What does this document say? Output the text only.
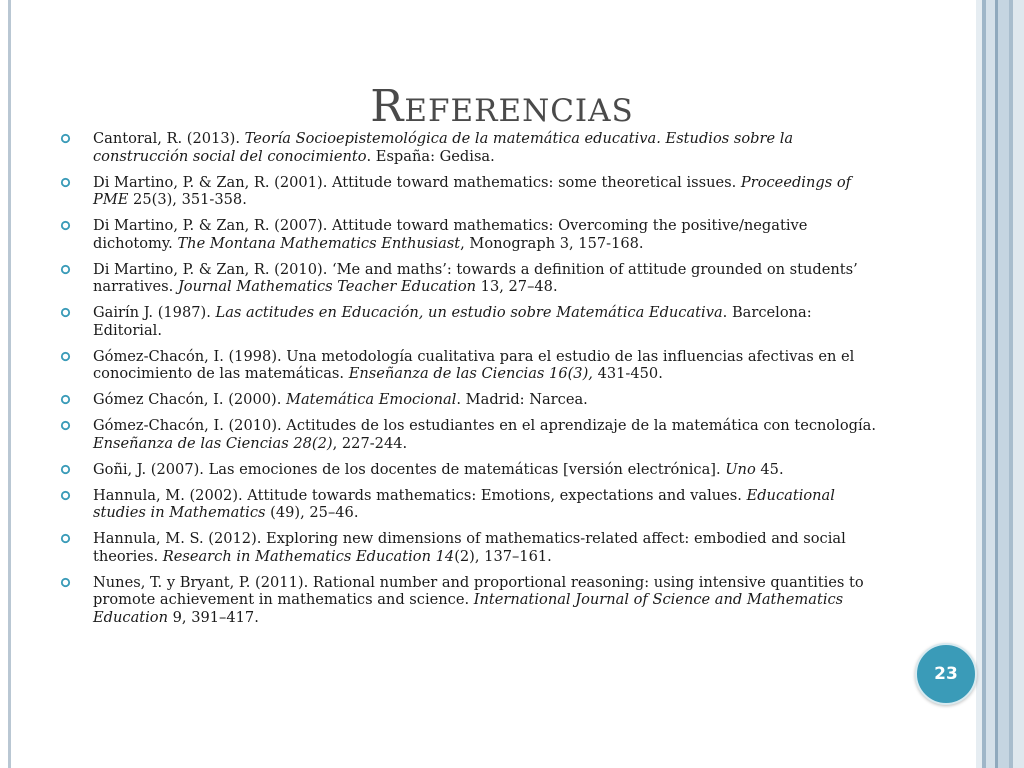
Referencias
Cantoral, R. (2013). Teoría Socioepistemológica de la matemática educativa. Estudios sobre la construcción social del conocimiento. España: Gedisa.
Di Martino, P. & Zan, R. (2001). Attitude toward mathematics: some theoretical issues. Proceedings of PME 25(3), 351-358.
Di Martino, P. & Zan, R. (2007). Attitude toward mathematics: Overcoming the positive/negative dichotomy. The Montana Mathematics Enthusiast, Monograph 3, 157-168.
Di Martino, P. & Zan, R. (2010). ‘Me and maths’: towards a definition of attitude grounded on students’ narratives. Journal Mathematics Teacher Education 13, 27–48.
Gairín J. (1987). Las actitudes en Educación, un estudio sobre Matemática Educativa. Barcelona: Editorial.
Gómez-Chacón, I. (1998). Una metodología cualitativa para el estudio de las influencias afectivas en el conocimiento de las matemáticas. Enseñanza de las Ciencias 16(3), 431-450.
Gómez Chacón, I. (2000). Matemática Emocional. Madrid: Narcea.
Gómez-Chacón, I. (2010). Actitudes de los estudiantes en el aprendizaje de la matemática con tecnología. Enseñanza de las Ciencias 28(2), 227-244.
Goñi, J. (2007). Las emociones de los docentes de matemáticas [versión electrónica]. Uno 45.
Hannula, M. (2002). Attitude towards mathematics: Emotions, expectations and values. Educational studies in Mathematics (49), 25–46.
Hannula, M. S. (2012). Exploring new dimensions of mathematics-related affect: embodied and social theories. Research in Mathematics Education 14(2), 137–161.
Nunes, T. y Bryant, P. (2011). Rational number and proportional reasoning: using intensive quantities to promote achievement in mathematics and science. International Journal of Science and Mathematics Education 9, 391–417.
23
